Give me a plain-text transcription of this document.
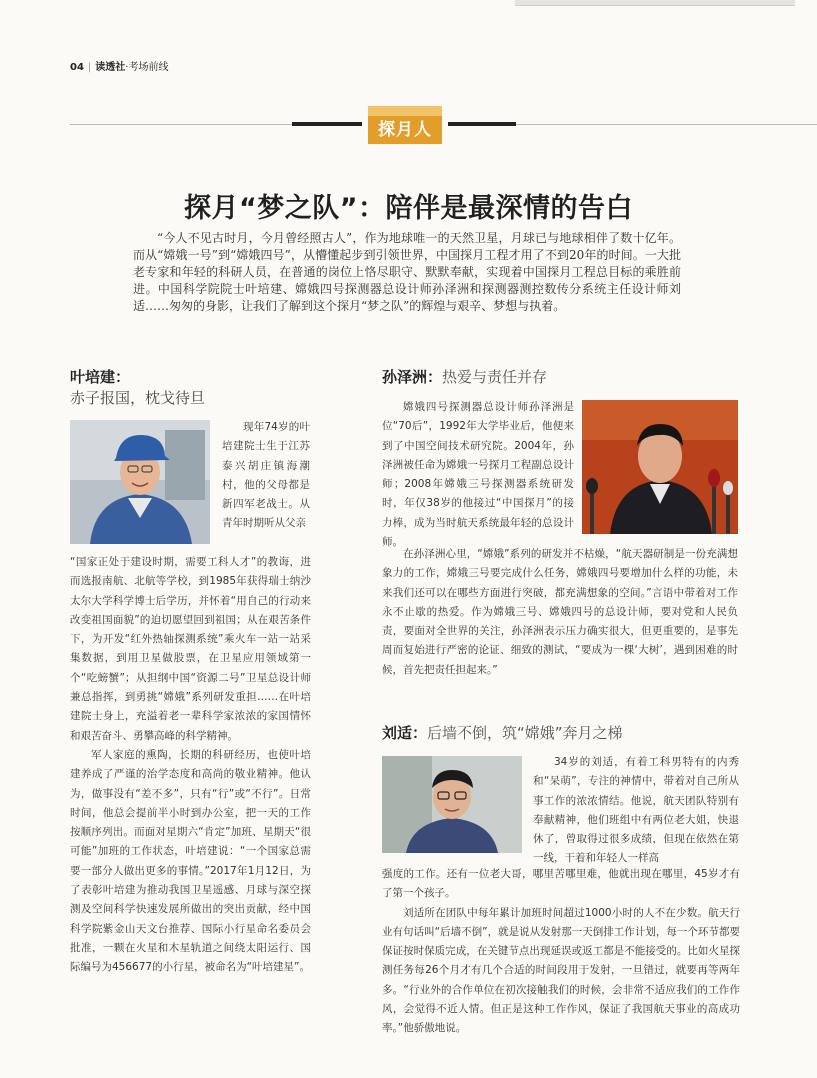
04 | 读透社·考场前线
探月人
探月“梦之队”：陪伴是最深情的告白

“今人不见古时月，今月曾经照古人”，作为地球唯一的天然卫星，月球已与地球相伴了数十亿年。而从“嫦娥一号”到“嫦娥四号”，从懵懂起步到引领世界，中国探月工程才用了不到20年的时间。一大批老专家和年轻的科研人员，在普通的岗位上恪尽职守、默默奉献，实现着中国探月工程总目标的乘胜前进。中国科学院院士叶培建、嫦娥四号探测器总设计师孙泽洲和探测器测控数传分系统主任设计师刘适……匆匆的身影，让我们了解到这个探月“梦之队”的辉煌与艰辛、梦想与执着。

叶培建：
赤子报国，枕戈待旦

现年74岁的叶培建院士生于江苏泰兴胡庄镇海潮村，他的父母都是新四军老战士。从青年时期听从父亲

“国家正处于建设时期，需要工科人才”的教诲，进而选报南航、北航等学校，到1985年获得瑞士纳沙太尔大学科学博士后学历，并怀着“用自己的行动来改变祖国面貌”的迫切愿望回到祖国；从在艰苦条件下，为开发“红外热轴探测系统”乘火车一站一站采集数据，到用卫星做股票，在卫星应用领域第一个“吃螃蟹”；从担纲中国“资源二号”卫星总设计师兼总指挥，到勇挑“嫦娥”系列研发重担……在叶培建院士身上，充溢着老一辈科学家浓浓的家国情怀和艰苦奋斗、勇攀高峰的科学精神。

军人家庭的熏陶，长期的科研经历，也使叶培建养成了严谨的治学态度和高尚的敬业精神。他认为，做事没有“差不多”，只有“行”或“不行”。日常时间，他总会提前半小时到办公室，把一天的工作按顺序列出。而面对星期六“肯定”加班、星期天“很可能”加班的工作状态，叶培建说：“一个国家总需要一部分人做出更多的事情。”2017年1月12日，为了表彰叶培建为推动我国卫星遥感、月球与深空探测及空间科学快速发展所做出的突出贡献，经中国科学院紫金山天文台推荐、国际小行星命名委员会批准，一颗在火星和木星轨道之间绕太阳运行、国际编号为456677的小行星，被命名为“叶培建星”。

孙泽洲：热爱与责任并存

嫦娥四号探测器总设计师孙泽洲是位“70后”，1992年大学毕业后，他便来到了中国空间技术研究院。2004年，孙泽洲被任命为嫦娥一号探月工程副总设计师；2008年嫦娥三号探测器系统研发时，年仅38岁的他接过“中国探月”的接力棒，成为当时航天系统最年轻的总设计师。

在孙泽洲心里，“嫦娥”系列的研发并不枯燥，“航天器研制是一份充满想象力的工作，嫦娥三号要完成什么任务，嫦娥四号要增加什么样的功能，未来我们还可以在哪些方面进行突破，都充满想象的空间。”言语中带着对工作永不止歇的热爱。作为嫦娥三号、嫦娥四号的总设计师，要对党和人民负责，要面对全世界的关注，孙泽洲表示压力确实很大，但更重要的，是事先周而复始进行严密的论证、细致的测试，“要成为一棵‘大树’，遇到困难的时候，首先把责任担起来。”

刘适：后墙不倒，筑“嫦娥”奔月之梯

34岁的刘适，有着工科男特有的内秀和“呆萌”，专注的神情中，带着对自己所从事工作的浓浓情结。他说，航天团队特别有奉献精神，他们班组中有两位老大姐，快退休了，曾取得过很多成绩，但现在依然在第一线，干着和年轻人一样高

强度的工作。还有一位老大哥，哪里苦哪里难，他就出现在哪里，45岁才有了第一个孩子。

刘适所在团队中每年累计加班时间超过1000小时的人不在少数。航天行业有句话叫“后墙不倒”，就是说从发射那一天倒排工作计划，每一个环节都要保证按时保质完成，在关键节点出现延误或返工都是不能接受的。比如火星探测任务每26个月才有几个合适的时间段用于发射，一旦错过，就要再等两年多。“行业外的合作单位在初次接触我们的时候，会非常不适应我们的工作作风，会觉得不近人情。但正是这种工作作风，保证了我国航天事业的高成功率。”他骄傲地说。
